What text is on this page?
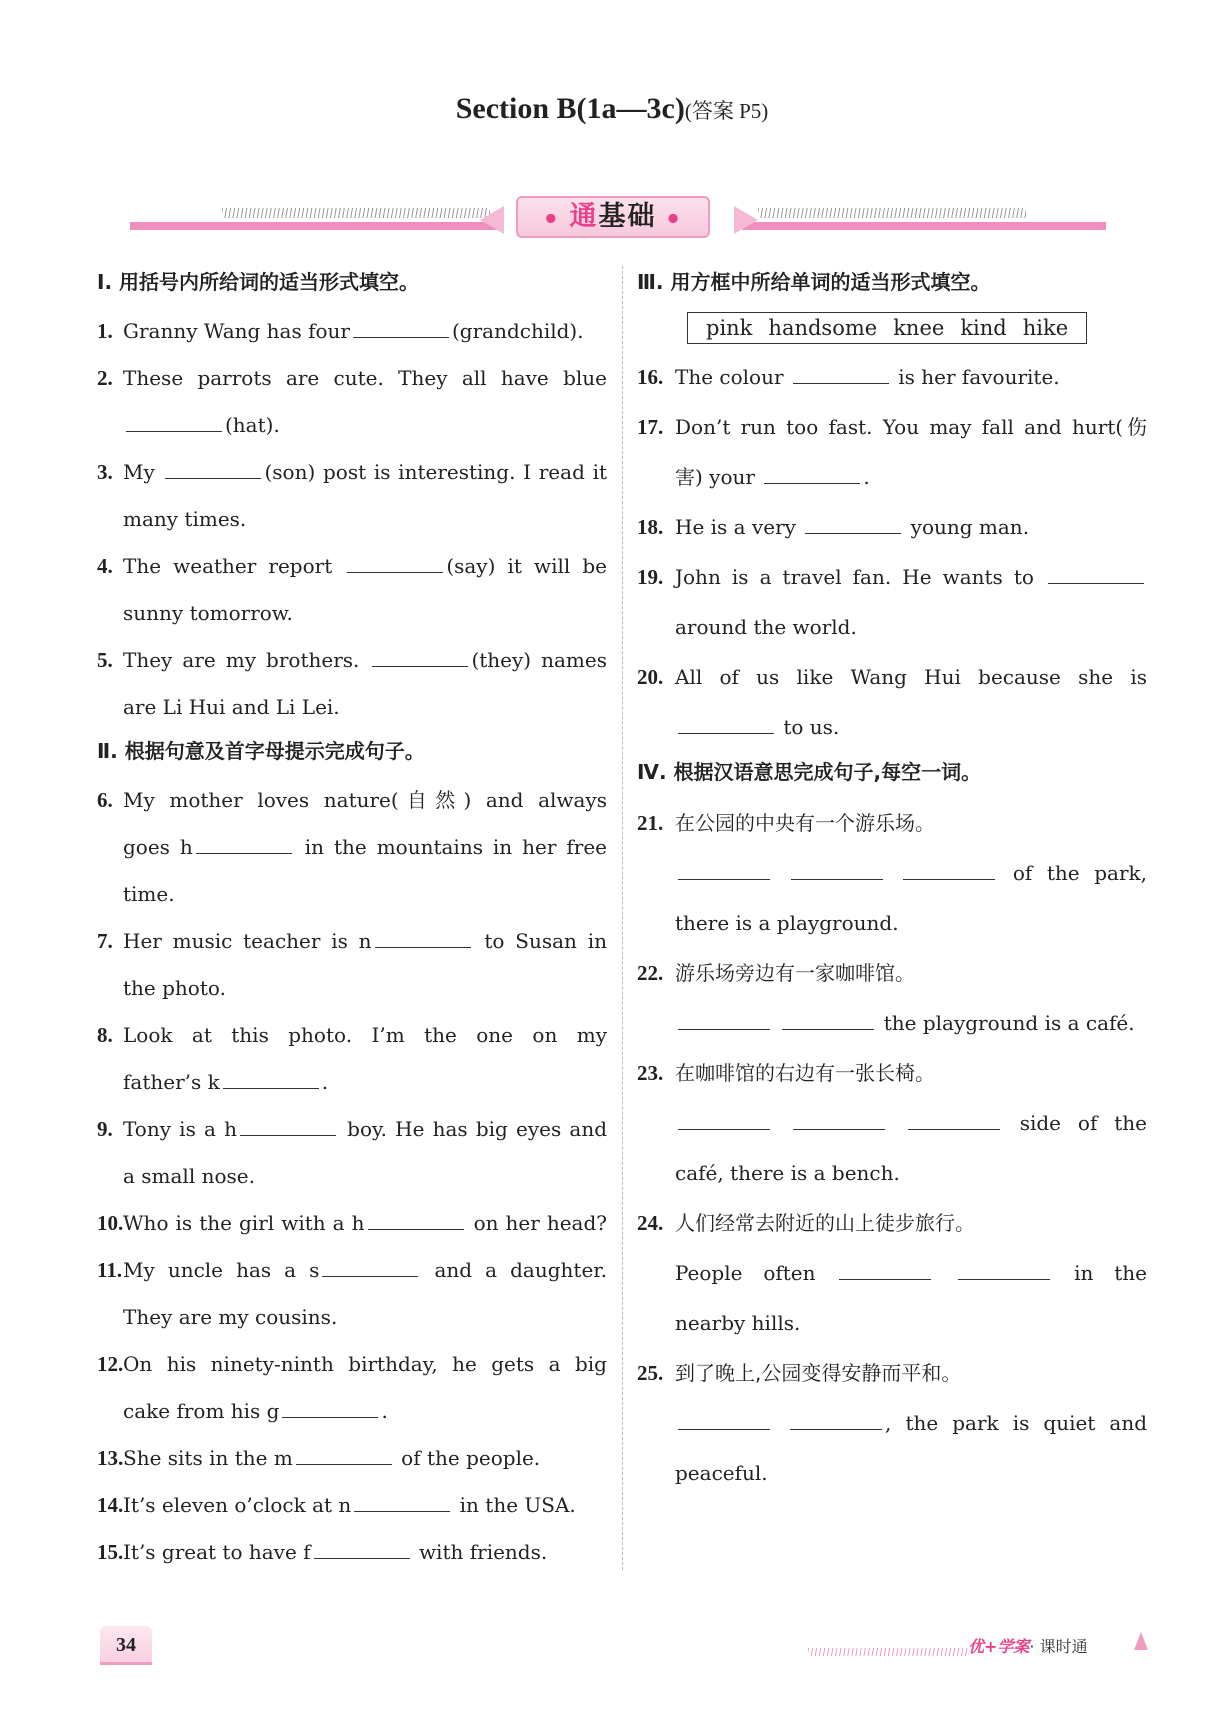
Section B(1a—3c)(答案 P5)
● 通基础 ●
Ⅰ. 用括号内所给词的适当形式填空。
1. Granny Wang has four	(grandchild).
2. These parrots are cute. They all have blue
(hat).
3. My	(son) post is interesting. I read it
many times.
4. The weather report	(say) it will be
sunny tomorrow.
5. They are my brothers.	(they) names
are Li Hui and Li Lei.
Ⅱ. 根据句意及首字母提示完成句子。
6. My mother loves nature(自然) and always
goes h	in the mountains in her free
time.
7. Her music teacher is n	to Susan in
the photo.
8. Look at this photo. I’m the one on my
father’s k	.
9. Tony is a h	boy. He has big eyes and
a small nose.
10. Who is the girl with a h	on her head?
11. My uncle has a s	and a daughter.
They are my cousins.
12. On his ninety-ninth birthday, he gets a big
cake from his g	.
13. She sits in the m	of the people.
14. It’s eleven o’clock at n	in the USA.
15. It’s great to have f	with friends.
Ⅲ. 用方框中所给单词的适当形式填空。
pink handsome knee kind hike
16. The colour	is her favourite.
17. Don’t run too fast. You may fall and hurt(伤
害) your	.
18. He is a very	young man.
19. John is a travel fan. He wants to
around the world.
20. All of us like Wang Hui because she is
to us.
Ⅳ. 根据汉语意思完成句子,每空一词。
21. 在公园的中央有一个游乐场。
of the park,
there is a playground.
22. 游乐场旁边有一家咖啡馆。
the playground is a café.
23. 在咖啡馆的右边有一张长椅。
side of the
café, there is a bench.
24. 人们经常去附近的山上徒步旅行。
People often	in the
nearby hills.
25. 到了晚上,公园变得安静而平和。
, the park is quiet and
peaceful.
34	优+学案· 课时通
